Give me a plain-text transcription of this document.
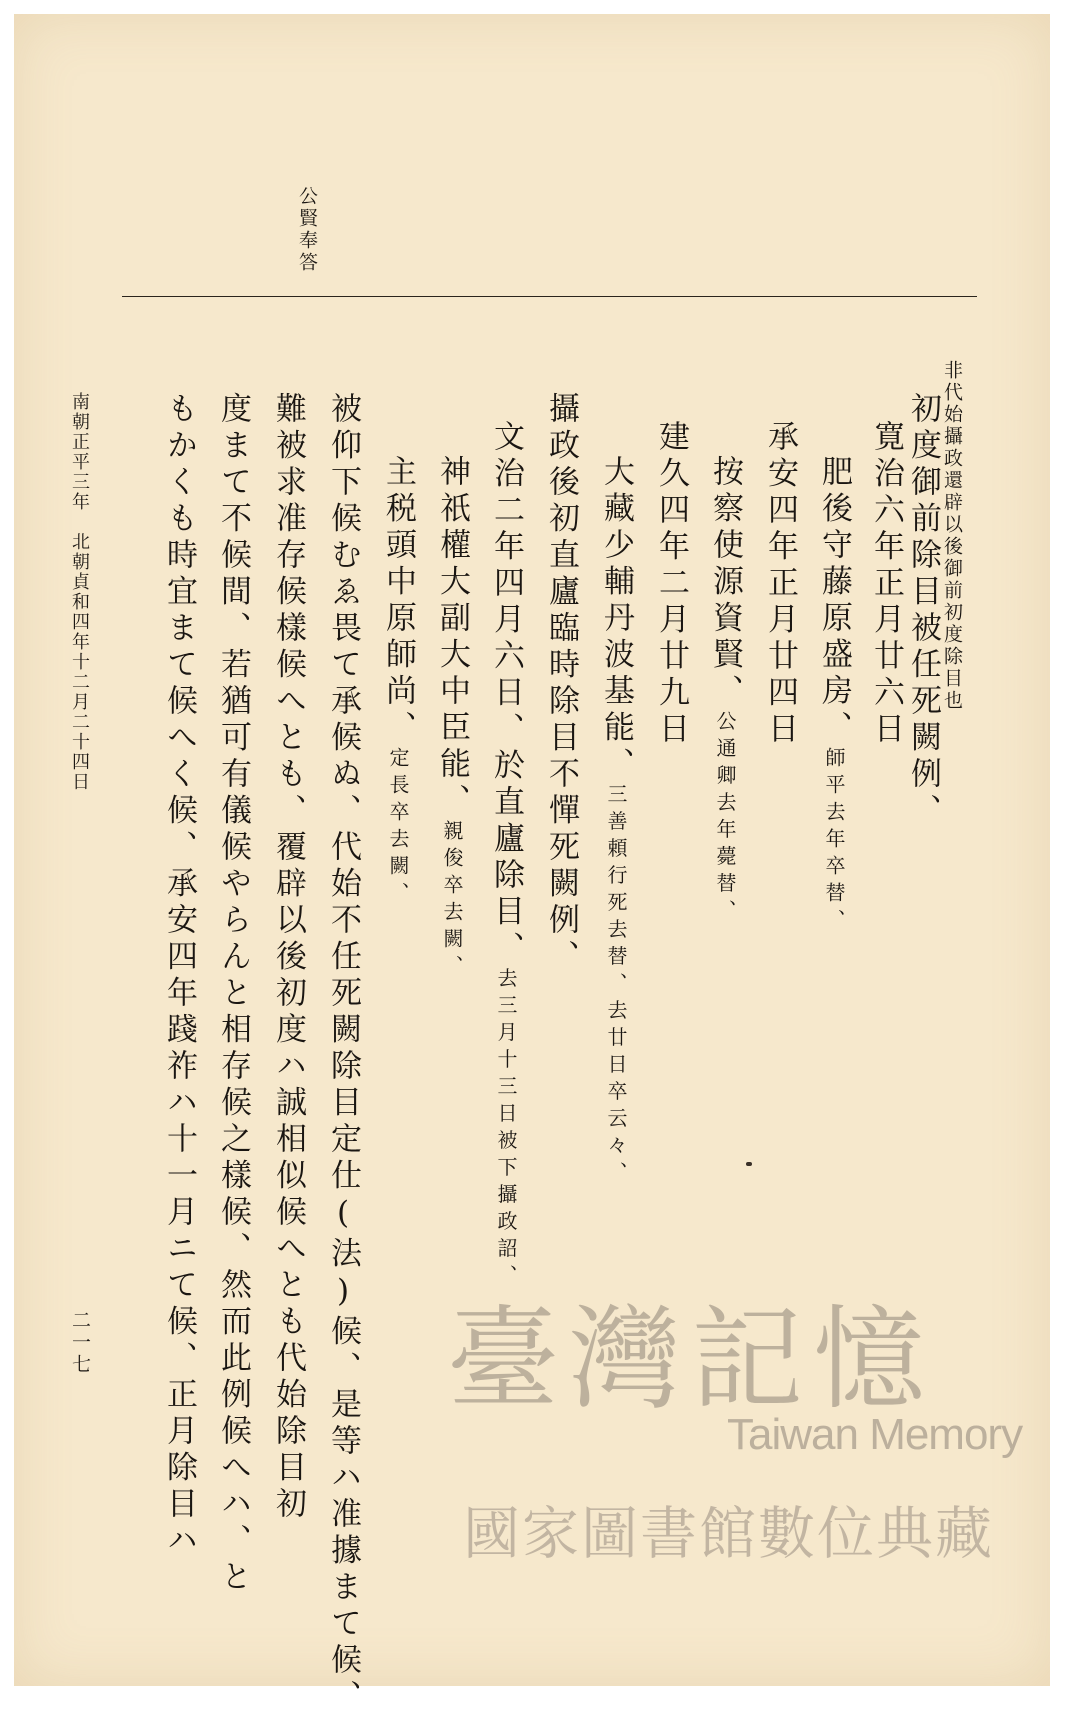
公賢奉答
非代始攝政還辟以後御前初度除目也
初度御前除目被任死闕例、
寛治六年正月廿六日
肥後守藤原盛房、師平去年卒替、
承安四年正月廿四日
按察使源資賢、公通卿去年薨替、
建久四年二月廿九日
大藏少輔丹波基能、三善頼行死去替、去廿日卒云々、
攝政後初直廬臨時除目不憚死闕例、
文治二年四月六日、於直廬除目、去三月十三日被下攝政詔、
神祇權大副大中臣能、親俊卒去闕、
主税頭中原師尚、定長卒去闕、
被仰下候むゑ畏て承候ぬ、代始不任死闕除目定仕(法)候、是等ハ准據まて候、
難被求准存候樣候へとも、覆辟以後初度ハ誠相似候へとも代始除目初
度まて不候間、若猶可有儀候やらんと相存候之樣候、然而此例候へハ、と
もかくも時宜まて候へく候、承安四年踐祚ハ十一月ニて候、正月除目ハ
南朝正平三年　北朝貞和四年十二月二十四日
二一七	臺灣記憶
Taiwan Memory
國家圖書館數位典藏
